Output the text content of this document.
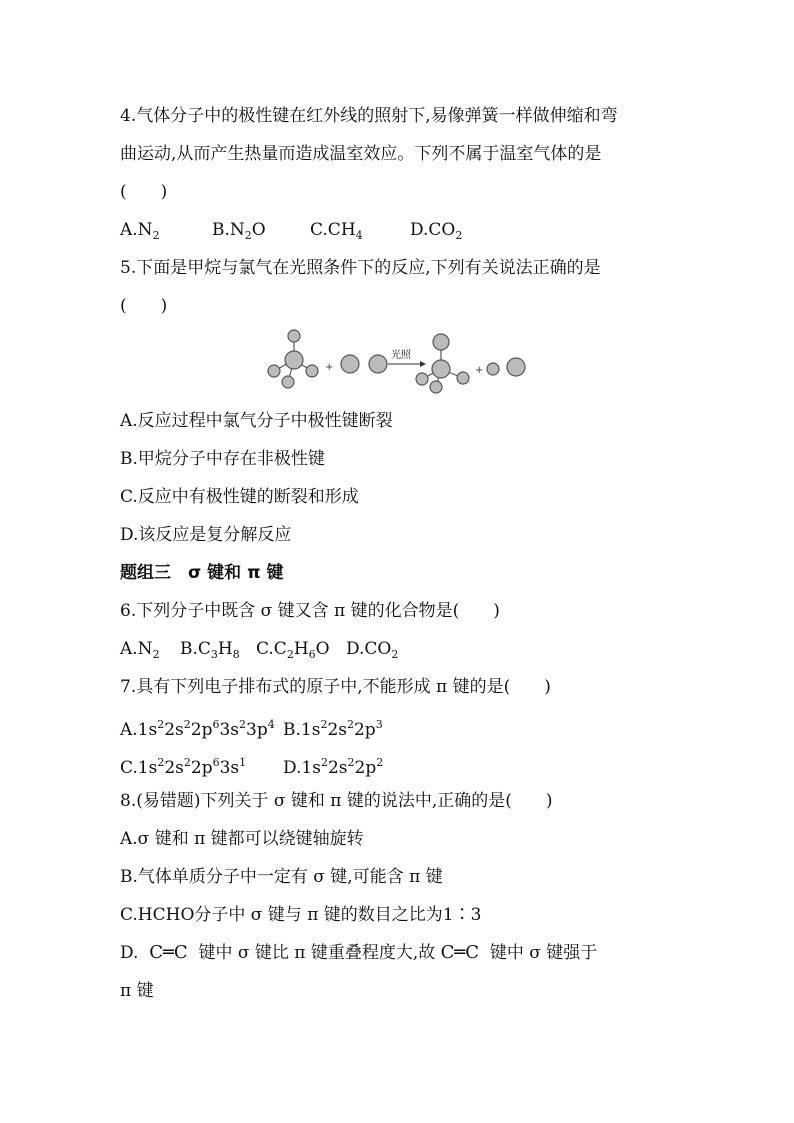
4.气体分子中的极性键在红外线的照射下,易像弹簧一样做伸缩和弯
曲运动,从而产生热量而造成温室效应。下列不属于温室气体的是
(　　)
$A.N_2$	$B.N_2O$	$C.CH_4$	$D.CO_2$
5.下面是甲烷与氯气在光照条件下的反应,下列有关说法正确的是
(　　)
+	+
光照
A.反应过程中氯气分子中极性键断裂
B.甲烷分子中存在非极性键
C.反应中有极性键的断裂和形成
D.该反应是复分解反应
题组三　σ 键和 π 键
6.下列分子中既含 σ 键又含 π 键的化合物是(　　)
$A.N_2$ $B.C_3H_8$ $C.C_2H_6O$ $D.CO_2$
7.具有下列电子排布式的原子中,不能形成 π 键的是(　　)
$A.1s^22s^22p^63s^23p^4$ $B.1s^22s^22p^3$
$C.1s^22s^22p^63s^1$ $D.1s^22s^22p^2$
8.(易错题)下列关于 σ 键和 π 键的说法中,正确的是(　　)
A.σ 键和 π 键都可以绕键轴旋转
B.气体单质分子中一定有 σ 键,可能含 π 键
C.HCHO分子中 σ 键与 π 键的数目之比为1∶3
D. C═C 键中 σ 键比 π 键重叠程度大,故 C═C 键中 σ 键强于
π 键
